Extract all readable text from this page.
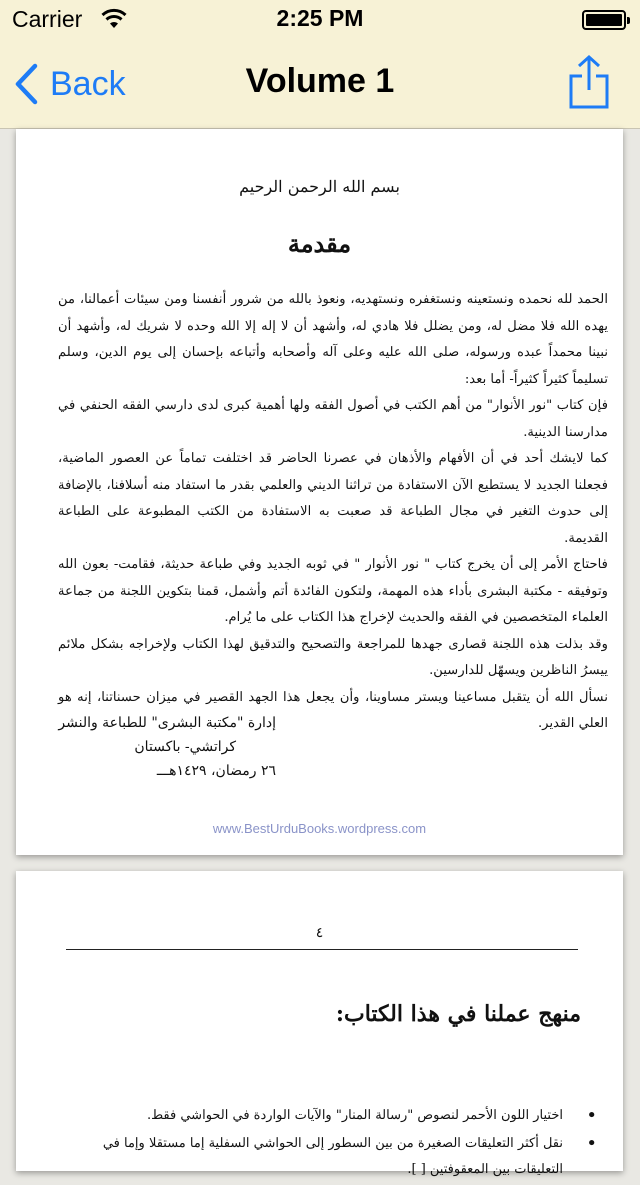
Carrier	2:25 PM
Back	Volume 1
بسم الله الرحمن الرحيم
مقدمة

الحمد لله نحمده ونستعينه ونستغفره ونستهديه، ونعوذ بالله من شرور أنفسنا ومن سيئات أعمالنا، من يهده الله فلا مضل له، ومن يضلل فلا هادي له، وأشهد أن لا إله إلا الله وحده لا شريك له، وأشهد أن نبينا محمداً عبده ورسوله، صلى الله عليه وعلى آله وأصحابه وأتباعه بإحسان إلى يوم الدين، وسلم تسليماً كثيراً كثيراً- أما بعد:

فإن كتاب "نور الأنوار" من أهم الكتب في أصول الفقه ولها أهمية كبرى لدى دارسي الفقه الحنفي في مدارسنا الدينية.

كما لايشك أحد في أن الأفهام والأذهان في عصرنا الحاضر قد اختلفت تماماً عن العصور الماضية، فجعلنا الجديد لا يستطيع الآن الاستفادة من تراثنا الديني والعلمي بقدر ما استفاد منه أسلافنا، بالإضافة إلى حدوث التغير في مجال الطباعة قد صعبت به الاستفادة من الكتب المطبوعة على الطباعة القديمة.

فاحتاج الأمر إلى أن يخرج كتاب " نور الأنوار " في ثوبه الجديد وفي طباعة حديثة، فقامت- بعون الله وتوفيقه - مكتبة البشرى بأداء هذه المهمة، ولتكون الفائدة أتم وأشمل، قمنا بتكوين اللجنة من جماعة العلماء المتخصصين في الفقه والحديث لإخراج هذا الكتاب على ما يُرام.

وقد بذلت هذه اللجنة قصارى جهدها للمراجعة والتصحيح والتدقيق لهذا الكتاب ولإخراجه بشكل ملائم ييسرُ الناظرين ويسهّل للدارسين.

نسأل الله أن يتقبل مساعينا ويستر مساوينا، وأن يجعل هذا الجهد القصير في ميزان حسناتنا، إنه هو العلي القدير.

إدارة "مكتبة البشرى" للطباعة والنشر
كراتشي- باكستان
٢٦ رمضان، ١٤٢٩هـــ
www.BestUrduBooks.wordpress.com
٤
منهج عملنا في هذا الكتاب:
• اختيار اللون الأحمر لنصوص "رسالة المنار" والآيات الواردة في الحواشي فقط.
• نقل أكثر التعليقات الصغيرة من بين السطور إلى الحواشي السفلية إما مستقلا وإما في التعليقات بين المعقوفتين [ ].
